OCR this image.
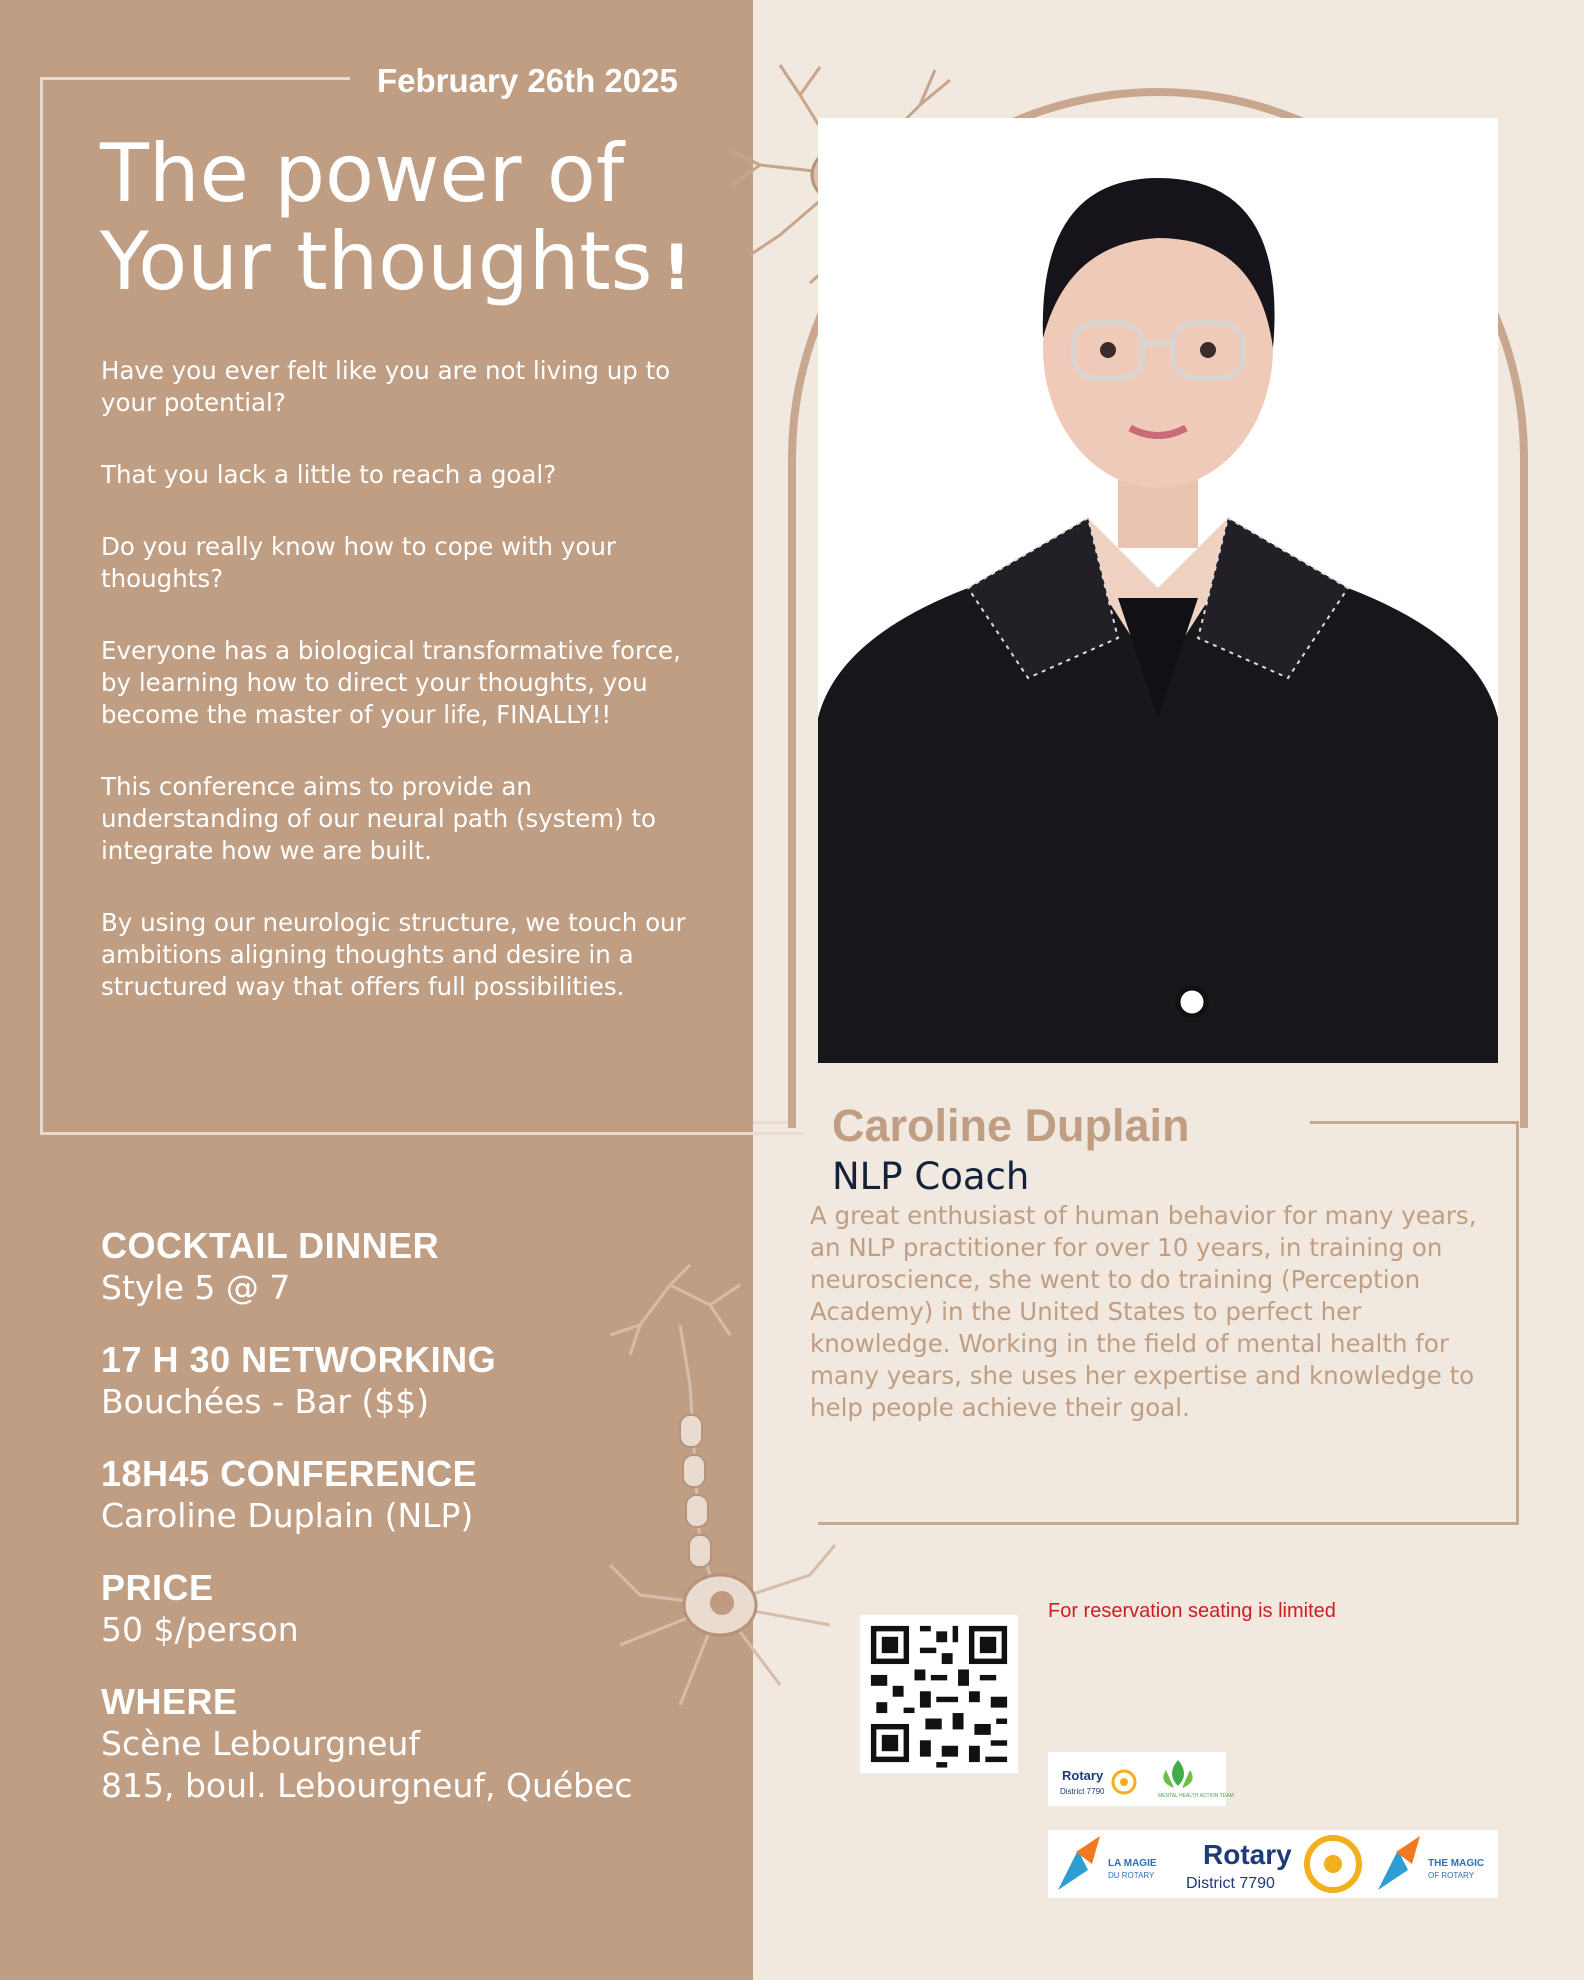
February 26th 2025
The power of
Your thoughts !

Have you ever felt like you are not living up to your potential?

That you lack a little to reach a goal?

Do you really know how to cope with your thoughts?

Everyone has a biological transformative force, by learning how to direct your thoughts, you become the master of your life, FINALLY!!

This conference aims to provide an understanding of our neural path (system) to integrate how we are built.

By using our neurologic structure, we touch our ambitions aligning thoughts and desire in a structured way that offers full possibilities.

COCKTAIL DINNER
Style 5 @ 7
17 H 30 NETWORKING
Bouchées - Bar ($$)
18H45 CONFERENCE
Caroline Duplain (NLP)
PRICE
50 $/person
WHERE
Scène Lebourgneuf
815, boul. Lebourgneuf, Québec
Caroline Duplain
NLP Coach
A great enthusiast of human behavior for many years, an NLP practitioner for over 10 years, in training on neuroscience, she went to do training (Perception Academy) in the United States to perfect her knowledge. Working in the field of mental health for many years, she uses her expertise and knowledge to help people achieve their goal.
For reservation seating is limited
Rotary
District 7790	MENTAL HEALTH ACTION TEAM
LA MAGIE
DU ROTARY
Rotary
District 7790
THE MAGIC
OF ROTARY
